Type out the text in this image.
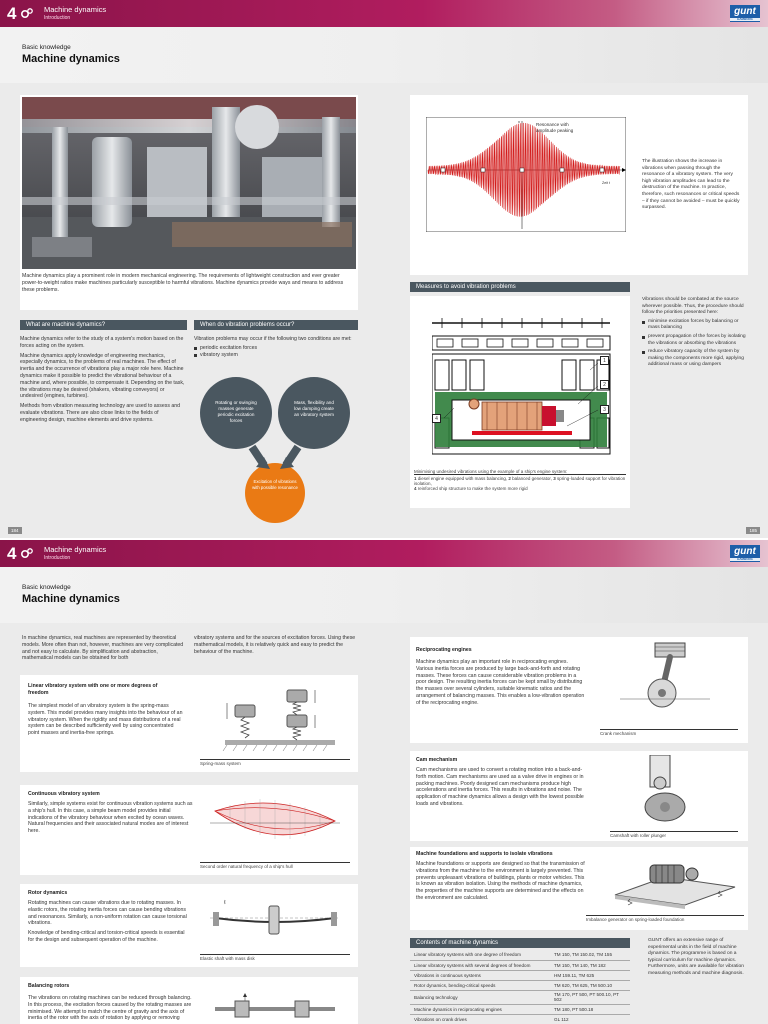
4	Machine dynamics
Introduction
gunt
HAMBURG
Basic knowledge
Machine dynamics
Machine dynamics play a prominent role in modern mechanical engineering. The requirements of lightweight construction and ever greater power-to-weight ratios make machines particularly susceptible to harmful vibrations. Machine dynamics provide ways and means to address these problems.
What are machine dynamics?
Machine dynamics refer to the study of a system's motion based on the forces acting on the system.
Machine dynamics apply knowledge of engineering mechanics, especially dynamics, to the problems of real machines. The effect of inertia and the occurrence of vibrations play a major role here. Machine dynamics make it possible to predict the vibrational behaviour of a machine and, where possible, to compensate it. Depending on the task, the vibrations may be desired (shakers, vibrating conveyors) or undesired (engines, turbines).
Methods from vibration measuring technology are used to assess and evaluate vibrations. There are also close links to the fields of engineering design, machine elements and drive systems.
When do vibration problems occur?
Vibration problems may occur if the following two conditions are met:
periodic excitation forces
vibratory system
Rotating or swinging masses generate periodic excitation forces
Mass, flexibility and low damping create an vibratory system
Excitation of vibrations with possible resonance
x
Resonance with amplitude peaking
Zeit t
The illustration shows the increase in vibrations when passing through the resonance of a vibratory system. The very high vibration amplitudes can lead to the destruction of the machine. In practice, therefore, such resonances or critical speeds – if they cannot be avoided – must be quickly surpassed.
Measures to avoid vibration problems
1
2
3
4
Minimising undesired vibrations using the example of a ship's engine system:
1 diesel engine equipped with mass balancing, 2 balanced generator, 3 spring-loaded support for vibration isolation,
4 reinforced ship structure to make the system more rigid
Vibrations should be combated at the source wherever possible. Thus, the procedure should follow the priorities presented here:
minimise excitation forces by balancing or mass balancing
prevent propagation of the forces by isolating the vibrations or absorbing the vibrations
reduce vibratory capacity of the system by making the components more rigid, applying additional mass or using dampers
184	185
4	Machine dynamics
Introduction
gunt
HAMBURG
Basic knowledge
Machine dynamics
In machine dynamics, real machines are represented by theoretical models. More often than not, however, machines are very complicated and not easy to calculate. By simplification and abstraction, mathematical models can be obtained for both
vibratory systems and for the sources of excitation forces. Using these mathematical models, it is relatively quick and easy to predict the behaviour of the machine.
Linear vibratory system with one or more degrees of freedom
The simplest model of an vibratory system is the spring-mass system. This model provides many insights into the behaviour of an vibratory system. When the rigidity and mass distributions of a real system can be described sufficiently well by using concentrated point masses and inertia-free springs.
Spring-mass system
Continuous vibratory system
Similarly, simple systems exist for continuous vibration systems such as a ship's hull. In this case, a simple beam model provides initial indications of the vibratory behaviour when excited by ocean waves. Natural frequencies and their associated natural modes are of interest here.
Second order natural frequency of a ship's hull
Rotor dynamics
Rotating machines can cause vibrations due to rotating masses. In elastic rotors, the rotating inertia forces can cause bending vibrations and resonances. Similarly, a non-uniform rotation can cause torsional vibrations.
Knowledge of bending-critical and torsion-critical speeds is essential for the design and subsequent operation of the machine.
Elastic shaft with mass disk
Balancing rotors
The vibrations on rotating machines can be reduced through balancing. In this process, the excitation forces caused by the rotating masses are minimised. We attempt to match the centre of gravity and the axis of inertia of the rotor with the axis of rotation by applying or removing
Reciprocating engines
Machine dynamics play an important role in reciprocating engines. Various inertia forces are produced by large back-and-forth and rotating masses. These forces can cause considerable vibration problems in a poor design. The resulting inertia forces can be kept small by distributing the masses over several cylinders, suitable kinematic ratios and the arrangement of balancing masses. This enables a low-vibration operation of the reciprocating engine.
Crank mechanism
Cam mechanism
Cam mechanisms are used to convert a rotating motion into a back-and-forth motion. Cam mechanisms are used as a valve drive in engines or in packing machines. Poorly designed cam mechanisms produce high accelerations and inertia forces. This results in vibrations and noise. The application of machine dynamics allows a design with the lowest possible loads and vibrations.
Camshaft with roller plunger
Machine foundations and supports to isolate vibrations
Machine foundations or supports are designed so that the transmission of vibrations from the machine to the environment is largely prevented. This prevents unpleasant vibrations of buildings, plants or motor vehicles. This is known as vibration isolation. Using the methods of machine dynamics, the properties of the machine supports are determined and the effects on the environment are calculated.
Imbalance generator on spring-loaded foundation
Contents of machine dynamics
Linear vibratory systems with one degree of freedom	TM 150, TM 150.02, TM 155
Linear vibratory systems with several degrees of freedom	TM 150, TM 140, TM 182
Vibrations in continuous systems	HM 159.11, TM 625
Rotor dynamics, bending-critical speeds	TM 620, TM 625, TM 500.10
Balancing technology	TM 170, PT 500, PT 500.10, PT 502
Machine dynamics in reciprocating engines	TM 180, PT 500.18
Vibrations on crank drives	GL 112
GUNT offers an extensive range of experimental units in the field of machine dynamics. The programme is based on a typical curriculum for machine dynamics. Furthermore, units are available for vibration measuring methods and machine diagnosis.
